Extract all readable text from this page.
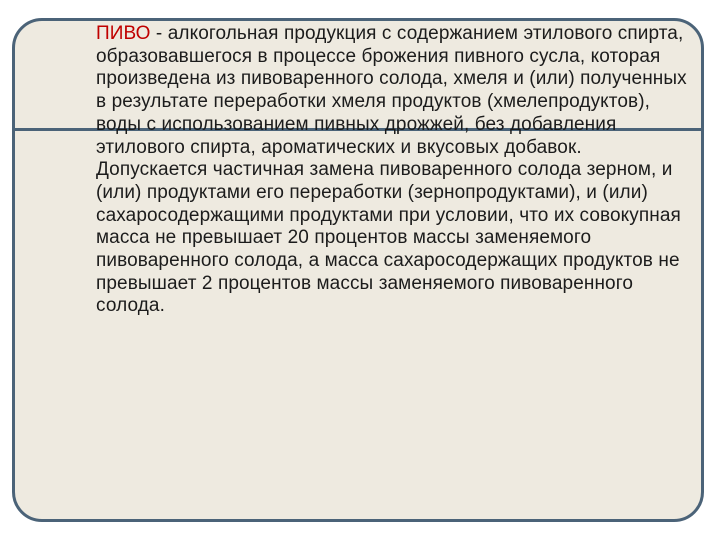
ПИВО - алкогольная продукция с содержанием этилового спирта, образовавшегося в процессе брожения пивного сусла, которая произведена из пивоваренного солода, хмеля и (или) полученных в результате переработки хмеля продуктов (хмелепродуктов), воды с использованием пивных дрожжей, без добавления этилового спирта, ароматических и вкусовых добавок. Допускается частичная замена пивоваренного солода зерном, и (или) продуктами его переработки (зернопродуктами), и (или) сахаросодержащими продуктами при условии, что их совокупная масса не превышает 20 процентов массы заменяемого пивоваренного солода, а масса сахаросодержащих продуктов не превышает 2 процентов массы заменяемого пивоваренного солода.
